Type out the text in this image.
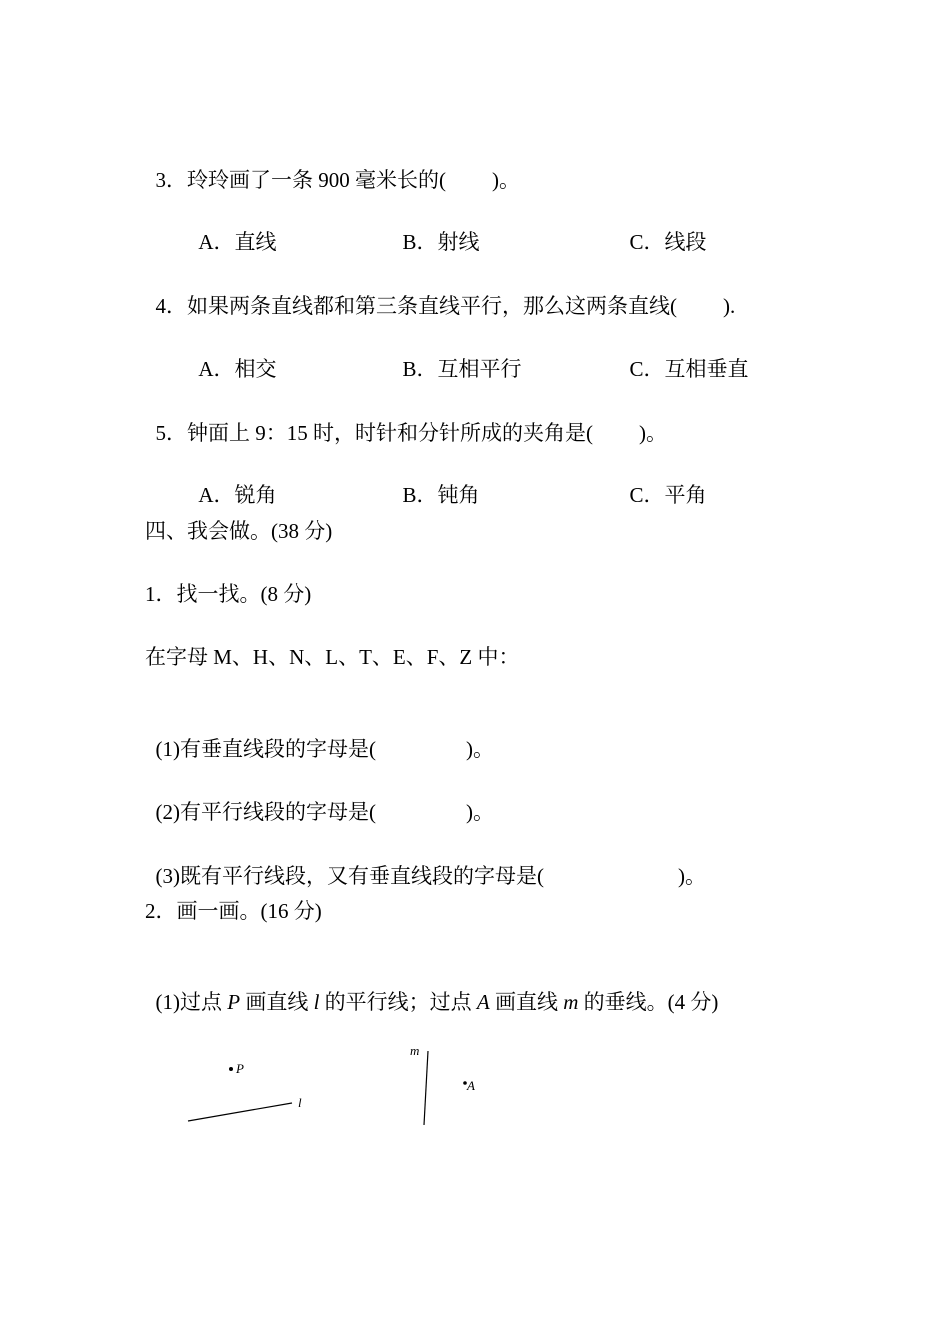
3．玲玲画了一条 900 毫米长的( )。

A．直线	B．射线	C．线段

4．如果两条直线都和第三条直线平行，那么这两条直线( ).

A．相交	B．互相平行	C．互相垂直

5．钟面上 9：15 时，时针和分针所成的夹角是( )。

A．锐角	B．钝角	C．平角

四、我会做。(38 分)
1．找一找。(8 分)
在字母 M、H、N、L、T、E、F、Z 中：

(1)有垂直线段的字母是(	)。

(2)有平行线段的字母是(	)。

(3)既有平行线段，又有垂直线段的字母是(	)。

2．画一画。(16 分)

(1)过点 P 画直线 l 的平行线；过点 A 画直线 m 的垂线。(4 分)

P
l
m
A
